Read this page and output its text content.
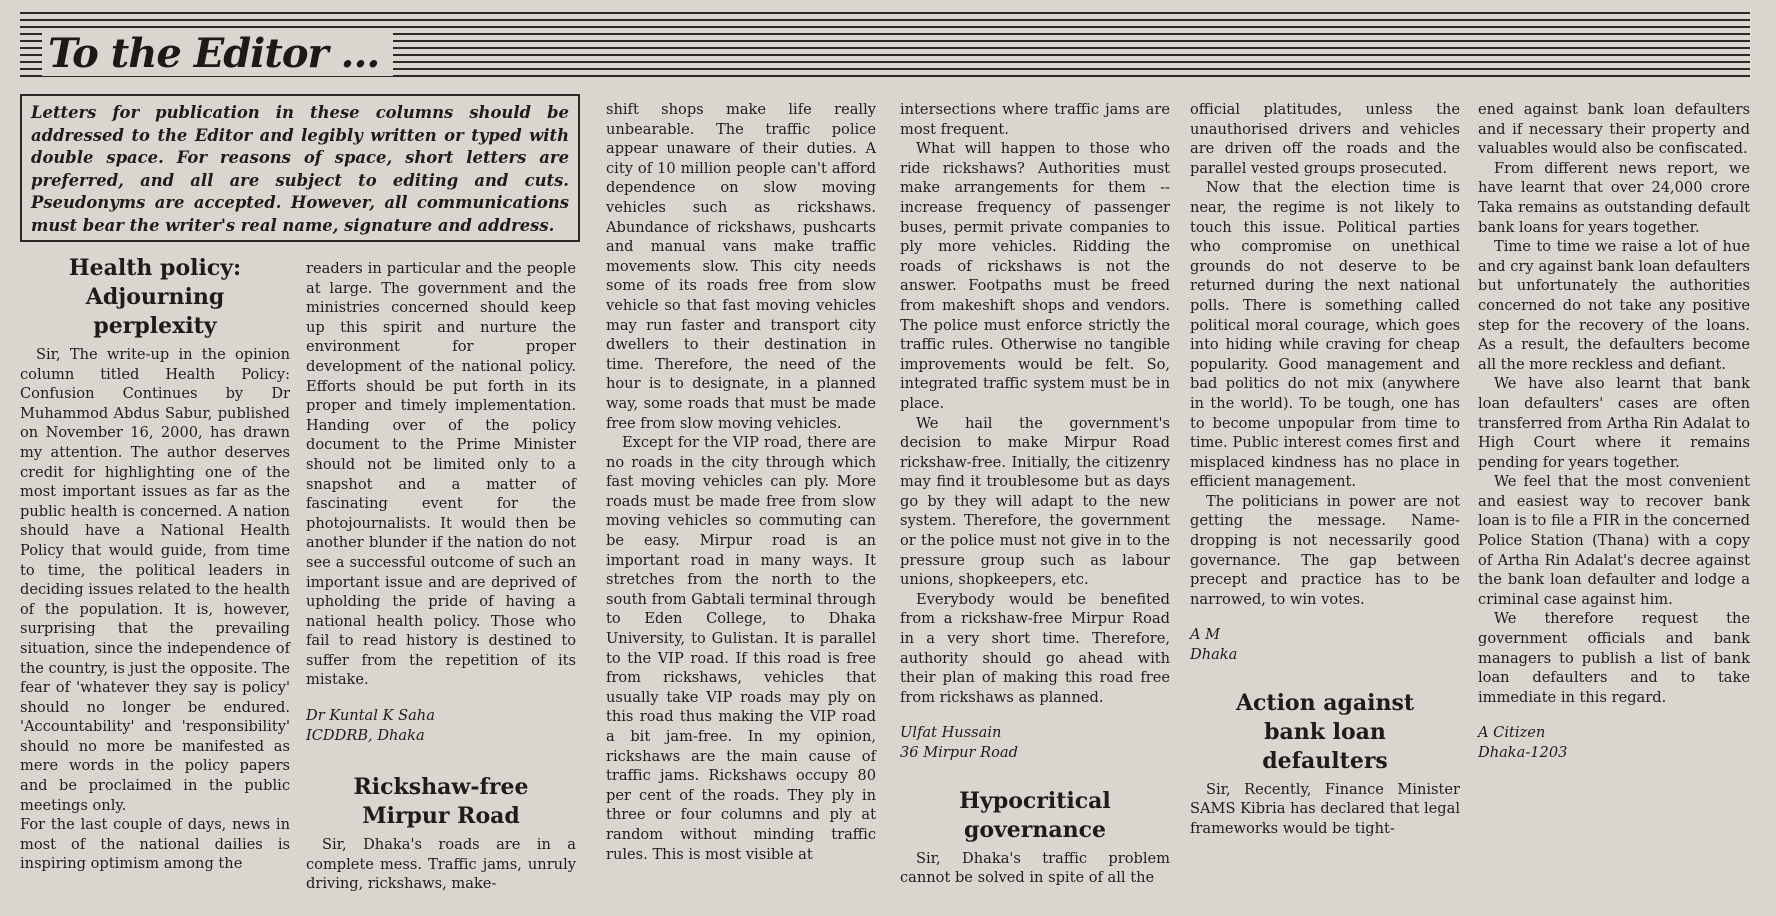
To the Editor ...
Letters for publication in these columns should be addressed to the Editor and legibly written or typed with double space. For reasons of space, short letters are preferred, and all are subject to editing and cuts. Pseudonyms are accepted. However, all communications must bear the writer's real name, signature and address.
Health policy: Adjourning perplexity

Sir, The write-up in the opinion column titled Health Policy: Confusion Continues by Dr Muhammod Abdus Sabur, published on November 16, 2000, has drawn my attention. The author deserves credit for highlighting one of the most important issues as far as the public health is concerned. A nation should have a National Health Policy that would guide, from time to time, the political leaders in deciding issues related to the health of the population. It is, however, surprising that the prevailing situation, since the independence of the country, is just the opposite. The fear of 'whatever they say is policy' should no longer be endured. 'Accountability' and 'responsibility' should no more be manifested as mere words in the policy papers and be proclaimed in the public meetings only.

For the last couple of days, news in most of the national dailies is inspiring optimism among the

readers in particular and the people at large. The government and the ministries concerned should keep up this spirit and nurture the environment for proper development of the national policy. Efforts should be put forth in its proper and timely implementation. Handing over of the policy document to the Prime Minister should not be limited only to a snapshot and a matter of fascinating event for the photojournalists. It would then be another blunder if the nation do not see a successful outcome of such an important issue and are deprived of upholding the pride of having a national health policy. Those who fail to read history is destined to suffer from the repetition of its mistake.

Dr Kuntal K Saha

ICDDRB, Dhaka

Rickshaw-free Mirpur Road

Sir, Dhaka's roads are in a complete mess. Traffic jams, unruly driving, rickshaws, make-

shift shops make life really unbearable. The traffic police appear unaware of their duties. A city of 10 million people can't afford dependence on slow moving vehicles such as rickshaws. Abundance of rickshaws, pushcarts and manual vans make traffic movements slow. This city needs some of its roads free from slow vehicle so that fast moving vehicles may run faster and transport city dwellers to their destination in time. Therefore, the need of the hour is to designate, in a planned way, some roads that must be made free from slow moving vehicles.

Except for the VIP road, there are no roads in the city through which fast moving vehicles can ply. More roads must be made free from slow moving vehicles so commuting can be easy. Mirpur road is an important road in many ways. It stretches from the north to the south from Gabtali terminal through to Eden College, to Dhaka University, to Gulistan. It is parallel to the VIP road. If this road is free from rickshaws, vehicles that usually take VIP roads may ply on this road thus making the VIP road a bit jam-free. In my opinion, rickshaws are the main cause of traffic jams. Rickshaws occupy 80 per cent of the roads. They ply in three or four columns and ply at random without minding traffic rules. This is most visible at

intersections where traffic jams are most frequent.

What will happen to those who ride rickshaws? Authorities must make arrangements for them -- increase frequency of passenger buses, permit private companies to ply more vehicles. Ridding the roads of rickshaws is not the answer. Footpaths must be freed from makeshift shops and vendors. The police must enforce strictly the traffic rules. Otherwise no tangible improvements would be felt. So, integrated traffic system must be in place.

We hail the government's decision to make Mirpur Road rickshaw-free. Initially, the citizenry may find it troublesome but as days go by they will adapt to the new system. Therefore, the government or the police must not give in to the pressure group such as labour unions, shopkeepers, etc.

Everybody would be benefited from a rickshaw-free Mirpur Road in a very short time. Therefore, authority should go ahead with their plan of making this road free from rickshaws as planned.

Ulfat Hussain

36 Mirpur Road

Hypocritical governance

Sir, Dhaka's traffic problem cannot be solved in spite of all the

official platitudes, unless the unauthorised drivers and vehicles are driven off the roads and the parallel vested groups prosecuted.

Now that the election time is near, the regime is not likely to touch this issue. Political parties who compromise on unethical grounds do not deserve to be returned during the next national polls. There is something called political moral courage, which goes into hiding while craving for cheap popularity. Good management and bad politics do not mix (anywhere in the world). To be tough, one has to become unpopular from time to time. Public interest comes first and misplaced kindness has no place in efficient management.

The politicians in power are not getting the message. Name-dropping is not necessarily good governance. The gap between precept and practice has to be narrowed, to win votes.

A M

Dhaka

Action against bank loan defaulters

Sir, Recently, Finance Minister SAMS Kibria has declared that legal frameworks would be tight-

ened against bank loan defaulters and if necessary their property and valuables would also be confiscated.

From different news report, we have learnt that over 24,000 crore Taka remains as outstanding default bank loans for years together.

Time to time we raise a lot of hue and cry against bank loan defaulters but unfortunately the authorities concerned do not take any positive step for the recovery of the loans. As a result, the defaulters become all the more reckless and defiant.

We have also learnt that bank loan defaulters' cases are often transferred from Artha Rin Adalat to High Court where it remains pending for years together.

We feel that the most convenient and easiest way to recover bank loan is to file a FIR in the concerned Police Station (Thana) with a copy of Artha Rin Adalat's decree against the bank loan defaulter and lodge a criminal case against him.

We therefore request the government officials and bank managers to publish a list of bank loan defaulters and to take immediate in this regard.

A Citizen

Dhaka-1203
